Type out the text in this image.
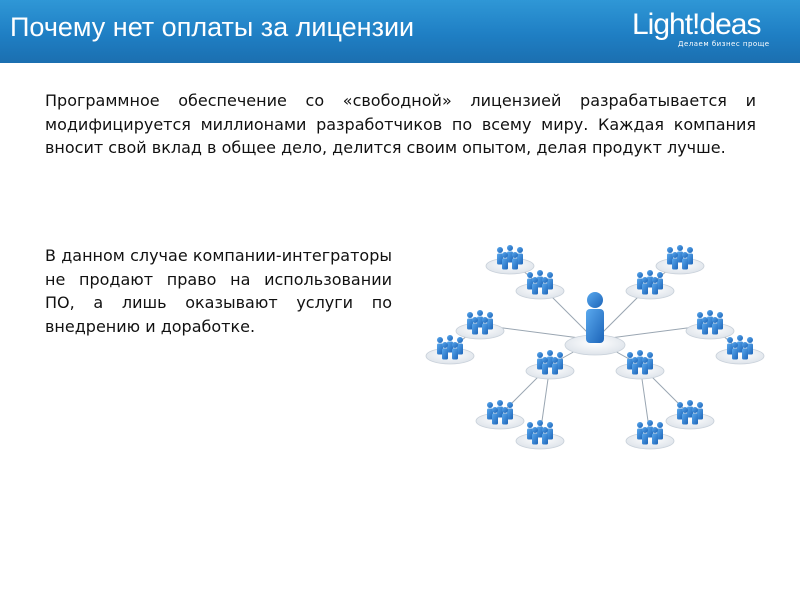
Почему нет оплаты за лицензии	Light!deas
Делаем бизнес проще
Программное обеспечение со «свободной» лицензией разрабатывается и модифицируется миллионами разработчиков по всему миру. Каждая компания вносит свой вклад в общее дело, делится своим опытом, делая продукт лучше.
В данном случае компании-интеграторы не продают право на использовании ПО, а лишь оказывают услуги по внедрению и доработке.
